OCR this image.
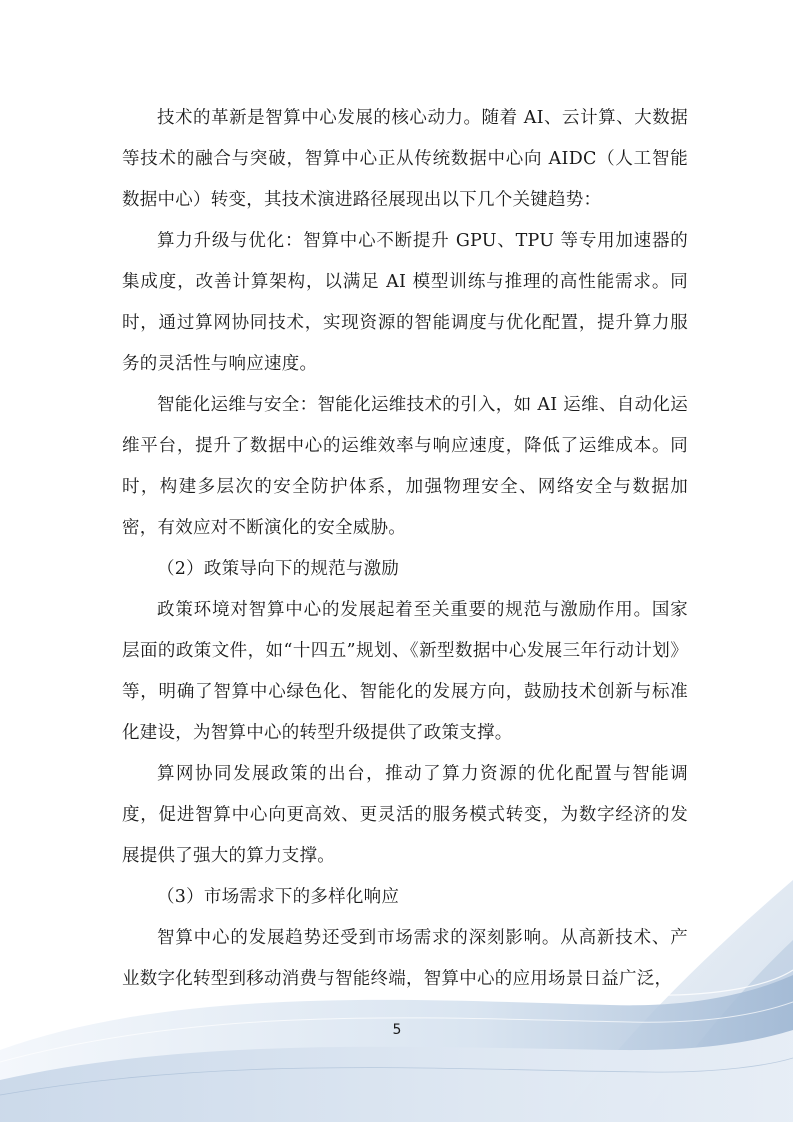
技术的革新是智算中心发展的核心动力。随着 AI、云计算、大数据等技术的融合与突破，智算中心正从传统数据中心向 AIDC（人工智能数据中心）转变，其技术演进路径展现出以下几个关键趋势：

算力升级与优化：智算中心不断提升 GPU、TPU 等专用加速器的集成度，改善计算架构，以满足 AI 模型训练与推理的高性能需求。同时，通过算网协同技术，实现资源的智能调度与优化配置，提升算力服务的灵活性与响应速度。

智能化运维与安全：智能化运维技术的引入，如 AI 运维、自动化运维平台，提升了数据中心的运维效率与响应速度，降低了运维成本。同时，构建多层次的安全防护体系，加强物理安全、网络安全与数据加密，有效应对不断演化的安全威胁。

（2）政策导向下的规范与激励

政策环境对智算中心的发展起着至关重要的规范与激励作用。国家层面的政策文件，如“十四五”规划、《新型数据中心发展三年行动计划》等，明确了智算中心绿色化、智能化的发展方向，鼓励技术创新与标准化建设，为智算中心的转型升级提供了政策支撑。

算网协同发展政策的出台，推动了算力资源的优化配置与智能调度，促进智算中心向更高效、更灵活的服务模式转变，为数字经济的发展提供了强大的算力支撑。

（3）市场需求下的多样化响应

智算中心的发展趋势还受到市场需求的深刻影响。从高新技术、产业数字化转型到移动消费与智能终端，智算中心的应用场景日益广泛，

5
